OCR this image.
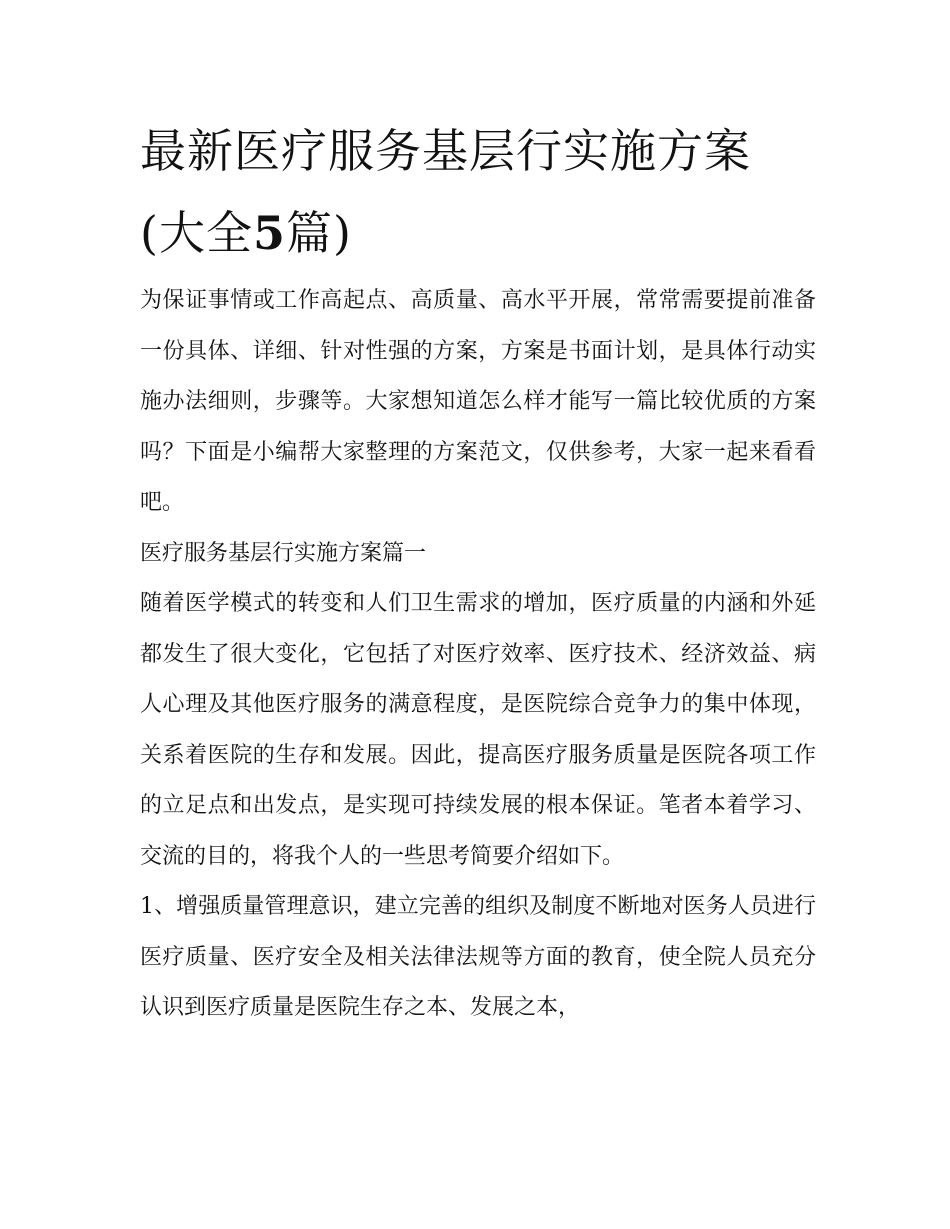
最新医疗服务基层行实施方案
(大全5篇)

为保证事情或工作高起点、高质量、高水平开展，常常需要提前准备一份具体、详细、针对性强的方案，方案是书面计划，是具体行动实施办法细则，步骤等。大家想知道怎么样才能写一篇比较优质的方案吗？下面是小编帮大家整理的方案范文，仅供参考，大家一起来看看吧。

医疗服务基层行实施方案篇一

随着医学模式的转变和人们卫生需求的增加，医疗质量的内涵和外延都发生了很大变化，它包括了对医疗效率、医疗技术、经济效益、病人心理及其他医疗服务的满意程度，是医院综合竞争力的集中体现，关系着医院的生存和发展。因此，提高医疗服务质量是医院各项工作的立足点和出发点，是实现可持续发展的根本保证。笔者本着学习、交流的目的，将我个人的一些思考简要介绍如下。

1、增强质量管理意识，建立完善的组织及制度不断地对医务人员进行医疗质量、医疗安全及相关法律法规等方面的教育，使全院人员充分认识到医疗质量是医院生存之本、发展之本，
